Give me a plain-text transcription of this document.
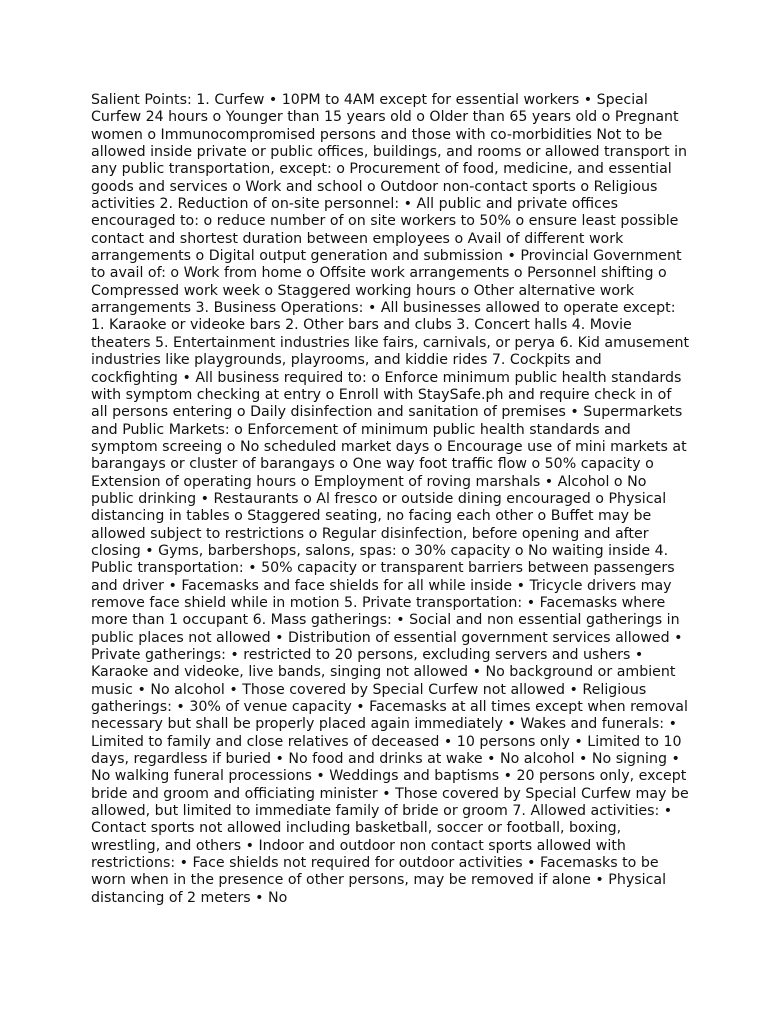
Salient Points: 1. Curfew • 10PM to 4AM except for essential workers • Special Curfew 24 hours o Younger than 15 years old o Older than 65 years old o Pregnant women o Immunocompromised persons and those with co-morbidities Not to be allowed inside private or public offices, buildings, and rooms or allowed transport in any public transportation, except: o Procurement of food, medicine, and essential goods and services o Work and school o Outdoor non-contact sports o Religious activities 2. Reduction of on-site personnel: • All public and private offices encouraged to: o reduce number of on site workers to 50% o ensure least possible contact and shortest duration between employees o Avail of different work arrangements o Digital output generation and submission • Provincial Government to avail of: o Work from home o Offsite work arrangements o Personnel shifting o Compressed work week o Staggered working hours o Other alternative work arrangements 3. Business Operations: • All businesses allowed to operate except: 1. Karaoke or videoke bars 2. Other bars and clubs 3. Concert halls 4. Movie theaters 5. Entertainment industries like fairs, carnivals, or perya 6. Kid amusement industries like playgrounds, playrooms, and kiddie rides 7. Cockpits and cockfighting • All business required to: o Enforce minimum public health standards with symptom checking at entry o Enroll with StaySafe.ph and require check in of all persons entering o Daily disinfection and sanitation of premises • Supermarkets and Public Markets: o Enforcement of minimum public health standards and symptom screeing o No scheduled market days o Encourage use of mini markets at barangays or cluster of barangays o One way foot traffic flow o 50% capacity o Extension of operating hours o Employment of roving marshals • Alcohol o No public drinking • Restaurants o Al fresco or outside dining encouraged o Physical distancing in tables o Staggered seating, no facing each other o Buffet may be allowed subject to restrictions o Regular disinfection, before opening and after closing • Gyms, barbershops, salons, spas: o 30% capacity o No waiting inside 4. Public transportation: • 50% capacity or transparent barriers between passengers and driver • Facemasks and face shields for all while inside • Tricycle drivers may remove face shield while in motion 5. Private transportation: • Facemasks where more than 1 occupant 6. Mass gatherings: • Social and non essential gatherings in public places not allowed • Distribution of essential government services allowed • Private gatherings: • restricted to 20 persons, excluding servers and ushers • Karaoke and videoke, live bands, singing not allowed • No background or ambient music • No alcohol • Those covered by Special Curfew not allowed • Religious gatherings: • 30% of venue capacity • Facemasks at all times except when removal necessary but shall be properly placed again immediately • Wakes and funerals: • Limited to family and close relatives of deceased • 10 persons only • Limited to 10 days, regardless if buried • No food and drinks at wake • No alcohol • No signing • No walking funeral processions • Weddings and baptisms • 20 persons only, except bride and groom and officiating minister • Those covered by Special Curfew may be allowed, but limited to immediate family of bride or groom 7. Allowed activities: • Contact sports not allowed including basketball, soccer or football, boxing, wrestling, and others • Indoor and outdoor non contact sports allowed with restrictions: • Face shields not required for outdoor activities • Facemasks to be worn when in the presence of other persons, may be removed if alone • Physical distancing of 2 meters • No
